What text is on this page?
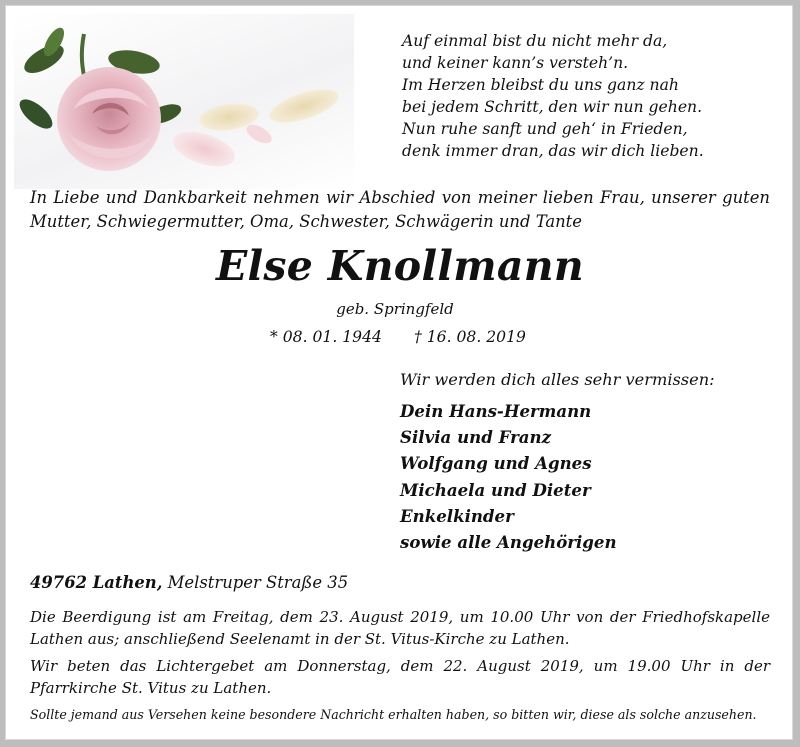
Auf einmal bist du nicht mehr da,
und keiner kann’s versteh’n.
Im Herzen bleibst du uns ganz nah
bei jedem Schritt, den wir nun gehen.
Nun ruhe sanft und geh‘ in Frieden,
denk immer dran, das wir dich lieben.
In Liebe und Dankbarkeit nehmen wir Abschied von meiner lieben Frau, unserer guten
Mutter, Schwiegermutter, Oma, Schwester, Schwägerin und Tante
Else Knollmann
geb. Springfeld
* 08. 01. 1944 † 16. 08. 2019
Wir werden dich alles sehr vermissen:
Dein Hans-Hermann
Silvia und Franz
Wolfgang und Agnes
Michaela und Dieter
Enkelkinder
sowie alle Angehörigen
49762 Lathen, Melstruper Straße 35
Die Beerdigung ist am Freitag, dem 23. August 2019, um 10.00 Uhr von der Friedhofskapelle
Lathen aus; anschließend Seelenamt in der St. Vitus-Kirche zu Lathen.
Wir beten das Lichtergebet am Donnerstag, dem 22. August 2019, um 19.00 Uhr in der
Pfarrkirche St. Vitus zu Lathen.
Sollte jemand aus Versehen keine besondere Nachricht erhalten haben, so bitten wir, diese als solche anzusehen.
